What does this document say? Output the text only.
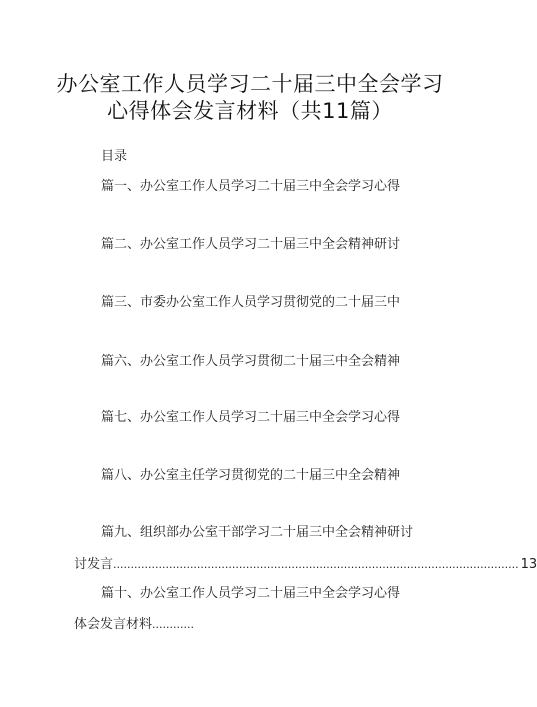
办公室工作人员学习二十届三中全会学习
心得体会发言材料（共11篇）
目录
篇一、办公室工作人员学习二十届三中全会学习心得
篇二、办公室工作人员学习二十届三中全会精神研讨
篇三、市委办公室工作人员学习贯彻党的二十届三中
篇六、办公室工作人员学习贯彻二十届三中全会精神
篇七、办公室工作人员学习二十届三中全会学习心得
篇八、办公室主任学习贯彻党的二十届三中全会精神
篇九、组织部办公室干部学习二十届三中全会精神研讨
讨发言 .................................................................................................................... 13
篇十、办公室工作人员学习二十届三中全会学习心得
体会发言材料 ............
